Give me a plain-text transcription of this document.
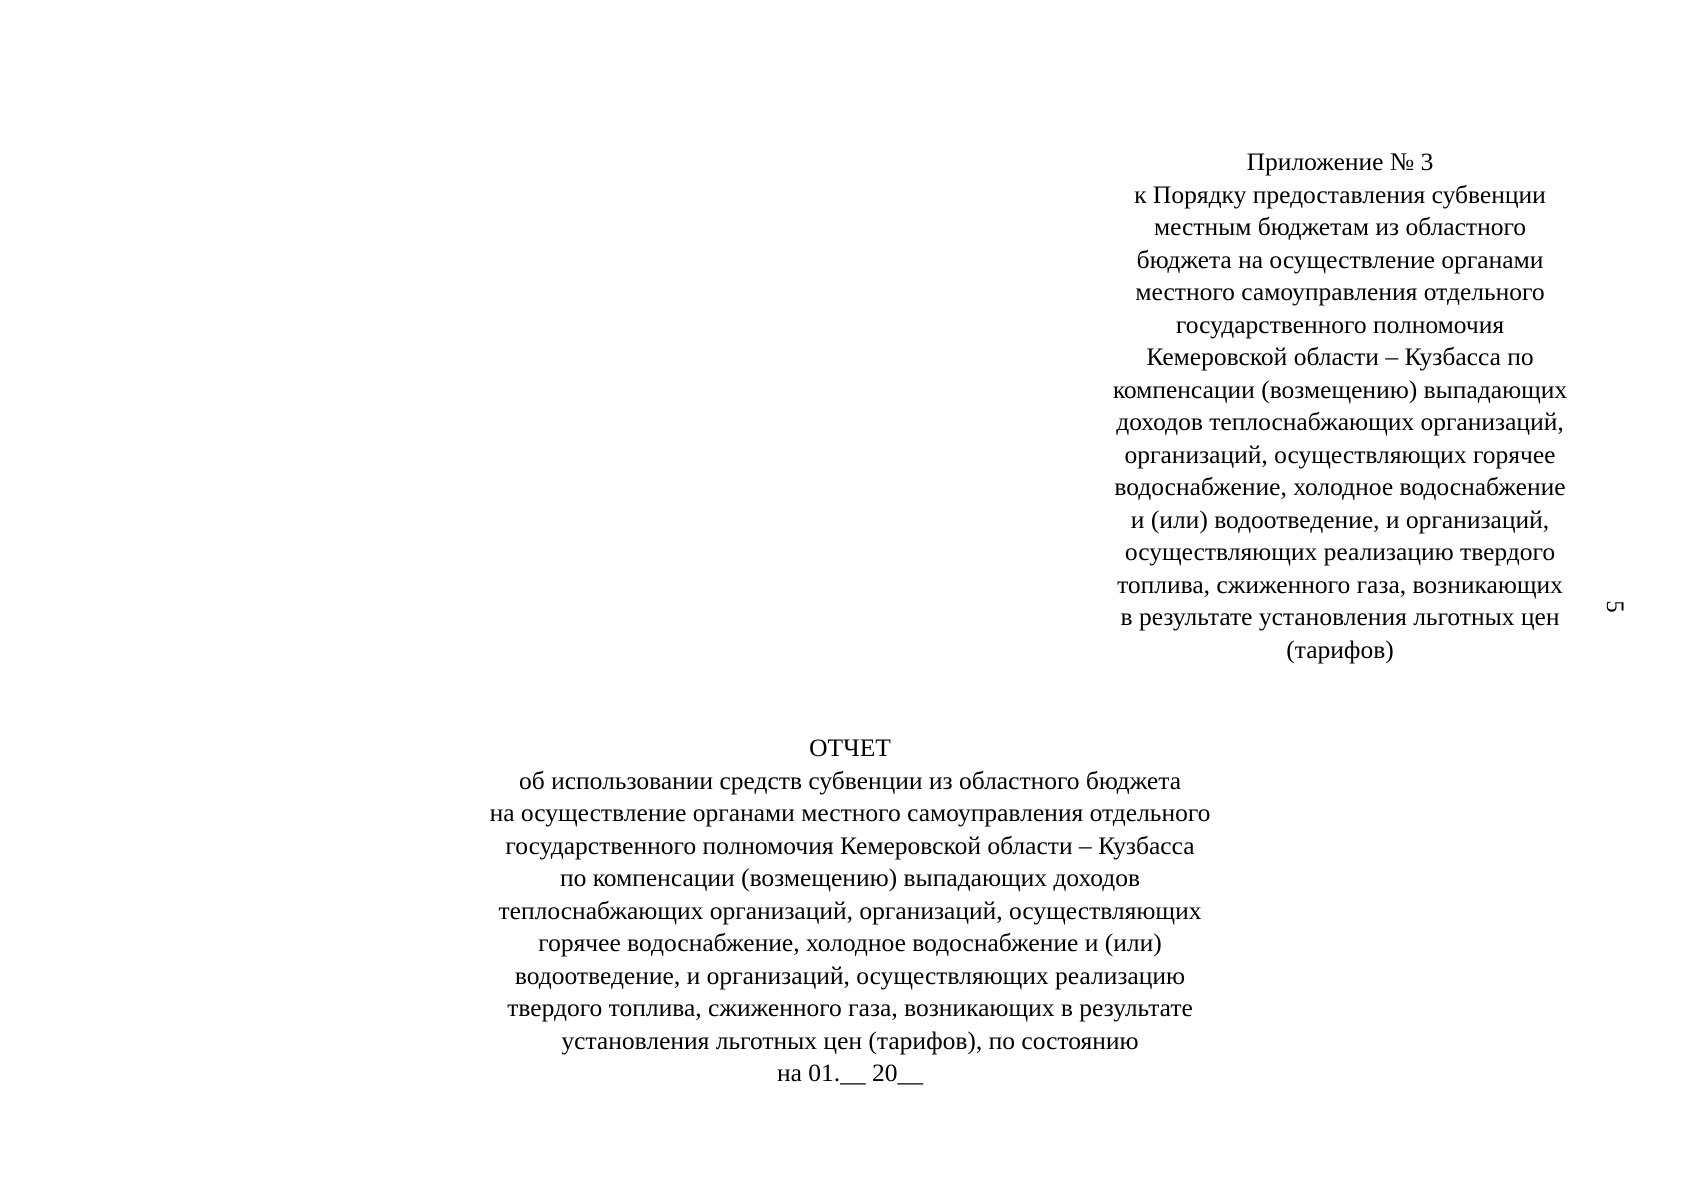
Приложение № 3
к Порядку предоставления субвенции
местным бюджетам из областного
бюджета на осуществление органами
местного самоуправления отдельного
государственного полномочия
Кемеровской области – Кузбасса по
компенсации (возмещению) выпадающих
доходов теплоснабжающих организаций,
организаций, осуществляющих горячее
водоснабжение, холодное водоснабжение
и (или) водоотведение, и организаций,
осуществляющих реализацию твердого
топлива, сжиженного газа, возникающих
в результате установления льготных цен
(тарифов)
5
ОТЧЕТ
об использовании средств субвенции из областного бюджета
на осуществление органами местного самоуправления отдельного
государственного полномочия Кемеровской области – Кузбасса
по компенсации (возмещению) выпадающих доходов
теплоснабжающих организаций, организаций, осуществляющих
горячее водоснабжение, холодное водоснабжение и (или)
водоотведение, и организаций, осуществляющих реализацию
твердого топлива, сжиженного газа, возникающих в результате
установления льготных цен (тарифов), по состоянию
на 01.__ 20__
